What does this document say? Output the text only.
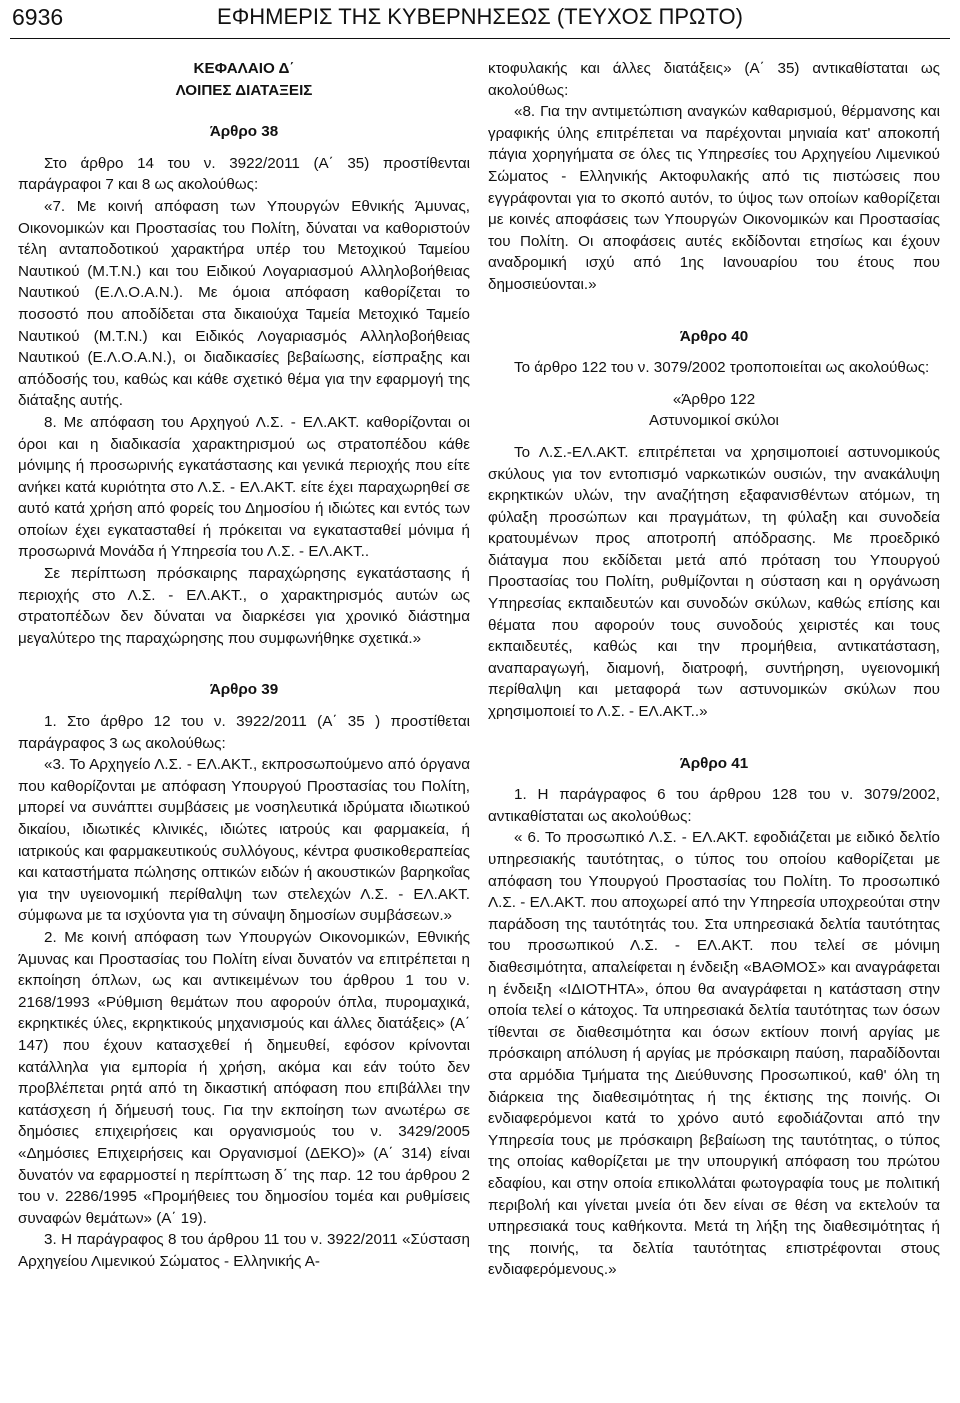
6936	ΕΦΗΜΕΡΙΣ ΤΗΣ ΚΥΒΕΡΝΗΣΕΩΣ (ΤΕΥΧΟΣ ΠΡΩΤΟ)
ΚΕΦΑΛΑΙΟ Δ΄
ΛΟΙΠΕΣ ΔΙΑΤΑΞΕΙΣ
Άρθρο 38

Στο άρθρο 14 του ν. 3922/2011 (Α΄ 35) προστίθενται παράγραφοι 7 και 8 ως ακολούθως:

«7. Με κοινή απόφαση των Υπουργών Εθνικής Άμυνας, Οικονομικών και Προστασίας του Πολίτη, δύναται να καθοριστούν τέλη ανταποδοτικού χαρακτήρα υπέρ του Μετοχικού Ταμείου Ναυτικού (Μ.Τ.Ν.) και του Ειδικού Λογαριασμού Αλληλοβοήθειας Ναυτικού (Ε.Λ.Ο.Α.Ν.). Με όμοια απόφαση καθορίζεται το ποσοστό που αποδίδεται στα δικαιούχα Ταμεία Μετοχικό Ταμείο Ναυτικού (Μ.Τ.Ν.) και Ειδικός Λογαριασμός Αλληλοβοήθειας Ναυτικού (Ε.Λ.Ο.Α.Ν.), οι διαδικασίες βεβαίωσης, είσπραξης και απόδοσής του, καθώς και κάθε σχετικό θέμα για την εφαρμογή της διάταξης αυτής.

8. Με απόφαση του Αρχηγού Λ.Σ. - ΕΛ.ΑΚΤ. καθορίζονται οι όροι και η διαδικασία χαρακτηρισμού ως στρατοπέδου κάθε μόνιμης ή προσωρινής εγκατάστασης και γενικά περιοχής που είτε ανήκει κατά κυριότητα στο Λ.Σ. - ΕΛ.ΑΚΤ. είτε έχει παραχωρηθεί σε αυτό κατά χρήση από φορείς του Δημοσίου ή ιδιώτες και εντός των οποίων έχει εγκατασταθεί ή πρόκειται να εγκατασταθεί μόνιμα ή προσωρινά Μονάδα ή Υπηρεσία του Λ.Σ. - ΕΛ.ΑΚΤ..

Σε περίπτωση πρόσκαιρης παραχώρησης εγκατάστασης ή περιοχής στο Λ.Σ. - ΕΛ.ΑΚΤ., ο χαρακτηρισμός αυτών ως στρατοπέδων δεν δύναται να διαρκέσει για χρονικό διάστημα μεγαλύτερο της παραχώρησης που συμφωνήθηκε σχετικά.»

Άρθρο 39

1. Στο άρθρο 12 του ν. 3922/2011 (Α΄ 35 ) προστίθεται παράγραφος 3 ως ακολούθως:

«3. Το Αρχηγείο Λ.Σ. - ΕΛ.ΑΚΤ., εκπροσωπούμενο από όργανα που καθορίζονται με απόφαση Υπουργού Προστασίας του Πολίτη, μπορεί να συνάπτει συμβάσεις με νοσηλευτικά ιδρύματα ιδιωτικού δικαίου, ιδιωτικές κλινικές, ιδιώτες ιατρούς και φαρμακεία, ή ιατρικούς και φαρμακευτικούς συλλόγους, κέντρα φυσικοθεραπείας και καταστήματα πώλησης οπτικών ειδών ή ακουστικών βαρηκοΐας για την υγειονομική περίθαλψη των στελεχών Λ.Σ. - ΕΛ.ΑΚΤ. σύμφωνα με τα ισχύοντα για τη σύναψη δημοσίων συμβάσεων.»

2. Με κοινή απόφαση των Υπουργών Οικονομικών, Εθνικής Άμυνας και Προστασίας του Πολίτη είναι δυνατόν να επιτρέπεται η εκποίηση όπλων, ως και αντικειμένων του άρθρου 1 του ν. 2168/1993 «Ρύθμιση θεμάτων που αφορούν όπλα, πυρομαχικά, εκρηκτικές ύλες, εκρηκτικούς μηχανισμούς και άλλες διατάξεις» (Α΄ 147) που έχουν κατασχεθεί ή δημευθεί, εφόσον κρίνονται κατάλληλα για εμπορία ή χρήση, ακόμα και εάν τούτο δεν προβλέπεται ρητά από τη δικαστική απόφαση που επιβάλλει την κατάσχεση ή δήμευσή τους. Για την εκποίηση των ανωτέρω σε δημόσιες επιχειρήσεις και οργανισμούς του ν. 3429/2005 «Δημόσιες Επιχειρήσεις και Οργανισμοί (ΔΕΚΟ)» (Α΄ 314) είναι δυνατόν να εφαρμοστεί η περίπτωση δ΄ της παρ. 12 του άρθρου 2 του ν. 2286/1995 «Προμήθειες του δημοσίου τομέα και ρυθμίσεις συναφών θεμάτων» (Α΄ 19).

3. Η παράγραφος 8 του άρθρου 11 του ν. 3922/2011 «Σύσταση Αρχηγείου Λιμενικού Σώματος - Ελληνικής Α-

κτοφυλακής και άλλες διατάξεις» (Α΄ 35) αντικαθίσταται ως ακολούθως:

«8. Για την αντιμετώπιση αναγκών καθαρισμού, θέρμανσης και γραφικής ύλης επιτρέπεται να παρέχονται μηνιαία κατ' αποκοπή πάγια χορηγήματα σε όλες τις Υπηρεσίες του Αρχηγείου Λιμενικού Σώματος - Ελληνικής Ακτοφυλακής από τις πιστώσεις που εγγράφονται για το σκοπό αυτόν, το ύψος των οποίων καθορίζεται με κοινές αποφάσεις των Υπουργών Οικονομικών και Προστασίας του Πολίτη. Οι αποφάσεις αυτές εκδίδονται ετησίως και έχουν αναδρομική ισχύ από 1ης Ιανουαρίου του έτους που δημοσιεύονται.»

Άρθρο 40

Το άρθρο 122 του ν. 3079/2002 τροποποιείται ως ακολούθως:

«Άρθρο 122
Αστυνομικοί σκύλοι

Το Λ.Σ.-ΕΛ.ΑΚΤ. επιτρέπεται να χρησιμοποιεί αστυνομικούς σκύλους για τον εντοπισμό ναρκωτικών ουσιών, την ανακάλυψη εκρηκτικών υλών, την αναζήτηση εξαφανισθέντων ατόμων, τη φύλαξη προσώπων και πραγμάτων, τη φύλαξη και συνοδεία κρατουμένων προς αποτροπή απόδρασης. Με προεδρικό διάταγμα που εκδίδεται μετά από πρόταση του Υπουργού Προστασίας του Πολίτη, ρυθμίζονται η σύσταση και η οργάνωση Υπηρεσίας εκπαιδευτών και συνοδών σκύλων, καθώς επίσης και θέματα που αφορούν τους συνοδούς χειριστές και τους εκπαιδευτές, καθώς και την προμήθεια, αντικατάσταση, αναπαραγωγή, διαμονή, διατροφή, συντήρηση, υγειονομική περίθαλψη και μεταφορά των αστυνομικών σκύλων που χρησιμοποιεί το Λ.Σ. - ΕΛ.ΑΚΤ..»

Άρθρο 41

1. Η παράγραφος 6 του άρθρου 128 του ν. 3079/2002, αντικαθίσταται ως ακολούθως:

« 6. Το προσωπικό Λ.Σ. - ΕΛ.ΑΚΤ. εφοδιάζεται με ειδικό δελτίο υπηρεσιακής ταυτότητας, ο τύπος του οποίου καθορίζεται με απόφαση του Υπουργού Προστασίας του Πολίτη. Το προσωπικό Λ.Σ. - ΕΛ.ΑΚΤ. που αποχωρεί από την Υπηρεσία υποχρεούται στην παράδοση της ταυτότητάς του. Στα υπηρεσιακά δελτία ταυτότητας του προσωπικού Λ.Σ. - ΕΛ.ΑΚΤ. που τελεί σε μόνιμη διαθεσιμότητα, απαλείφεται η ένδειξη «ΒΑΘΜΟΣ» και αναγράφεται η ένδειξη «ΙΔΙΟΤΗΤΑ», όπου θα αναγράφεται η κατάσταση στην οποία τελεί ο κάτοχος. Τα υπηρεσιακά δελτία ταυτότητας των όσων τίθενται σε διαθεσιμότητα και όσων εκτίουν ποινή αργίας με πρόσκαιρη απόλυση ή αργίας με πρόσκαιρη παύση, παραδίδονται στα αρμόδια Τμήματα της Διεύθυνσης Προσωπικού, καθ' όλη τη διάρκεια της διαθεσιμότητας ή της έκτισης της ποινής. Οι ενδιαφερόμενοι κατά το χρόνο αυτό εφοδιάζονται από την Υπηρεσία τους με πρόσκαιρη βεβαίωση της ταυτότητας, ο τύπος της οποίας καθορίζεται με την υπουργική απόφαση του πρώτου εδαφίου, και στην οποία επικολλάται φωτογραφία τους με πολιτική περιβολή και γίνεται μνεία ότι δεν είναι σε θέση να εκτελούν τα υπηρεσιακά τους καθήκοντα. Μετά τη λήξη της διαθεσιμότητας ή της ποινής, τα δελτία ταυτότητας επιστρέφονται στους ενδιαφερόμενους.»
